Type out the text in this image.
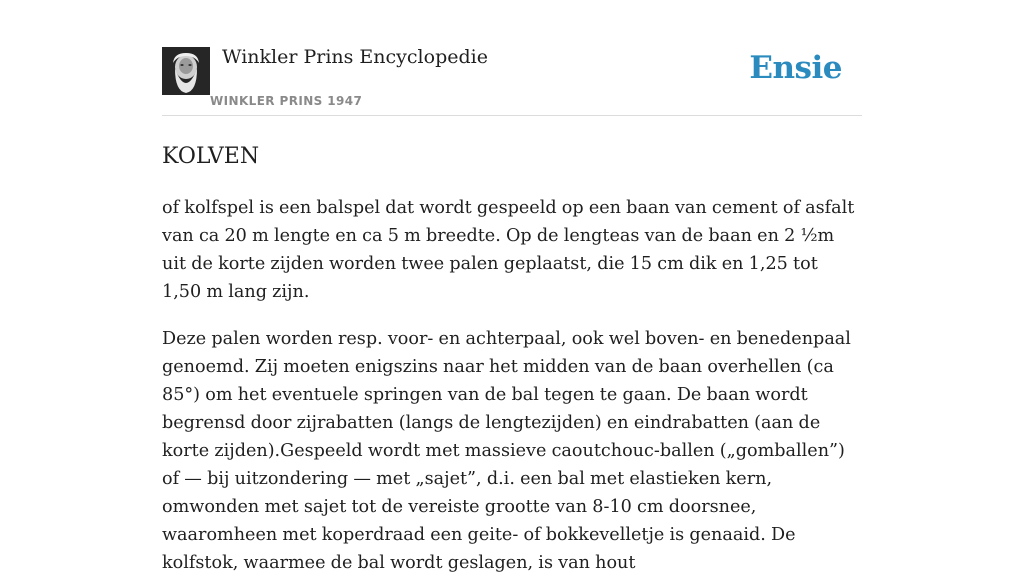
Winkler Prins Encyclopedie
WINKLER PRINS 1947
Ensie
KOLVEN

of kolfspel is een balspel dat wordt gespeeld op een baan van cement of asfalt van ca 20 m lengte en ca 5 m breedte. Op de lengteas van de baan en 2 ½m uit de korte zijden worden twee palen geplaatst, die 15 cm dik en 1,25 tot 1,50 m lang zijn.

Deze palen worden resp. voor- en achterpaal, ook wel boven- en benedenpaal genoemd. Zij moeten enigszins naar het midden van de baan overhellen (ca 85°) om het eventuele springen van de bal tegen te gaan. De baan wordt begrensd door zijrabatten (langs de lengtezijden) en eindrabatten (aan de korte zijden).Gespeeld wordt met massieve caoutchouc-ballen („gomballen”) of — bij uitzondering — met „sajet”, d.i. een bal met elastieken kern, omwonden met sajet tot de vereiste grootte van 8-10 cm doorsnee, waaromheen met koperdraad een geite- of bokkevelletje is genaaid. De kolfstok, waarmee de bal wordt geslagen, is van hout
